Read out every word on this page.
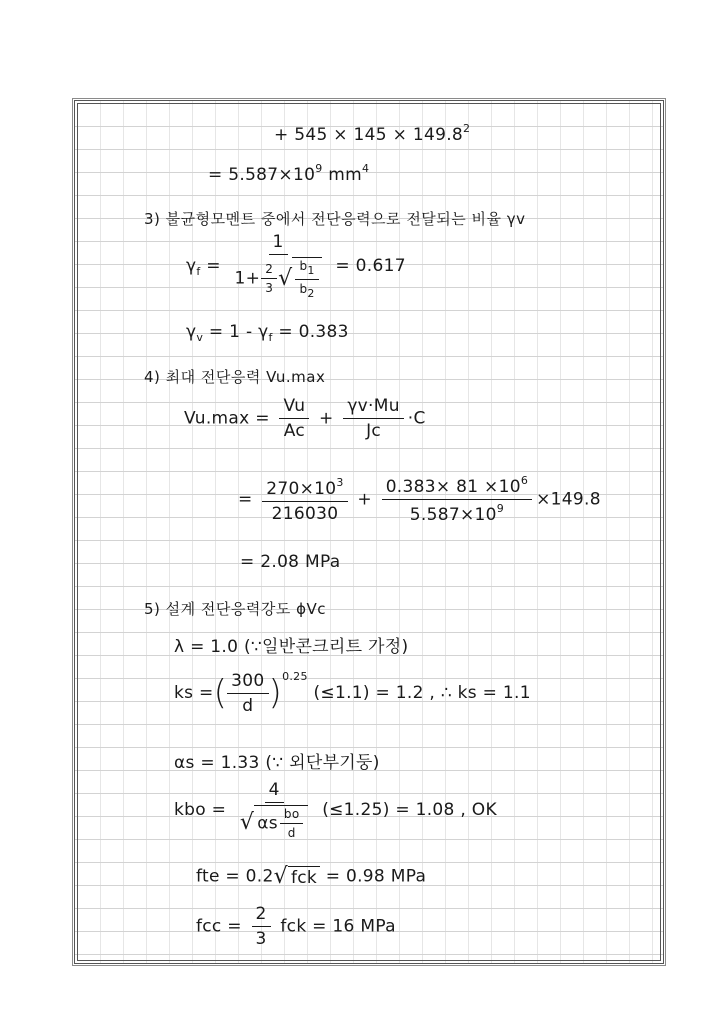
+ $545 \times 145 \times 149.8^2$
= $5.587\times 10^9$ $mm^4$
3) 불균형모멘트 중에서 전단응력으로 전달되는 비율 γv
$\gamma_f = \frac{1}{1+ \frac{2}{3} √ \frac{b1}{b2}} = 0.617$
$\gamma_v = 1 - \gamma_f = 0.383$
4) 최대 전단응력 Vu.max
$Vu.\max = \frac{Vu}{Ac} + \frac{\gamma v\cdot Mu}{Jc} \cdot C$
= $\frac{270\times 10^3}{216030} + \frac{0.383\times 81 \times 10^6}{5.587\times 10^9} \times 149.8$
= 2.08 MPa
5) 설계 전단응력강도 ϕVc
λ = 1.0 (∵일반콘크리트 가정)
ks =( $\frac{300}{d} )^{0.25}$ (≤1.1) = 1.2 , ∴ ks = 1.1
αs = 1.33 (∵ 외단부기둥)
kbo = $\frac{4}{√ \alpha s \frac{bo}{d}} (\le 1.25) = 1.08$ , OK
fte = 0.2√ fck = 0.98 MPa
fcc = $\frac{2}{3}$ fck = 16 MPa
